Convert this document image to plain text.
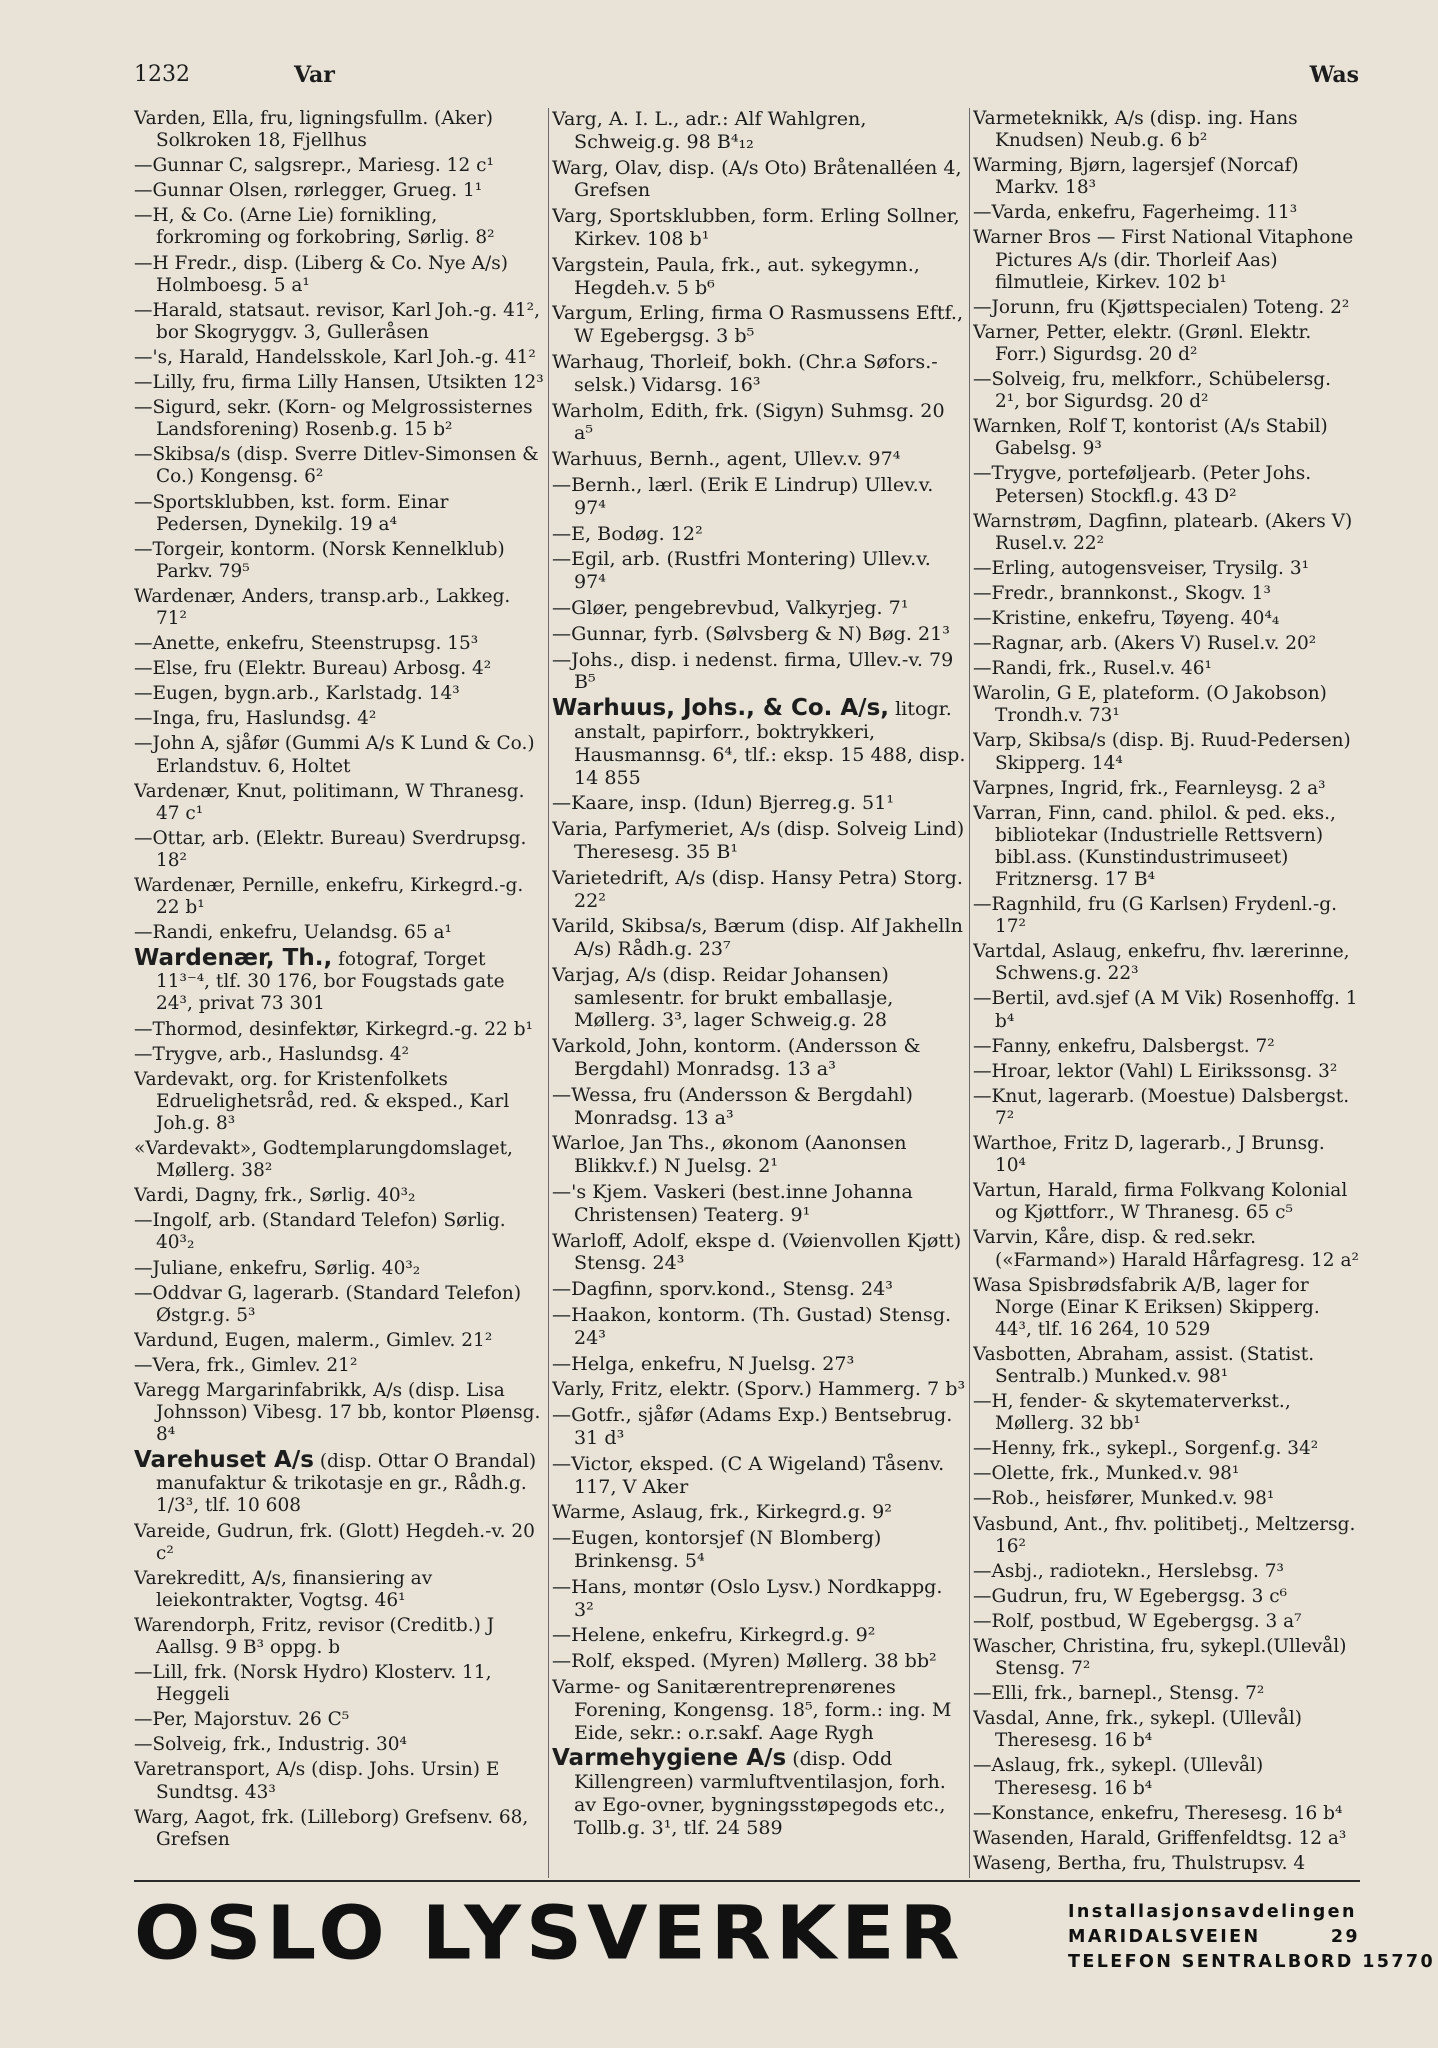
1232	Var	Was
Varden, Ella, fru, ligningsfullm. (Aker) Solkroken 18, Fjellhus
—Gunnar C, salgsrepr., Mariesg. 12 c¹
—Gunnar Olsen, rørlegger, Grueg. 1¹
—H, & Co. (Arne Lie) fornikling, forkroming og forkobring, Sørlig. 8²
—H Fredr., disp. (Liberg & Co. Nye A/s) Holmboesg. 5 a¹
—Harald, statsaut. revisor, Karl Joh.-g. 41², bor Skogryggv. 3, Gulleråsen
—'s, Harald, Handelsskole, Karl Joh.-g. 41²
—Lilly, fru, firma Lilly Hansen, Utsikten 12³
—Sigurd, sekr. (Korn- og Melgrossisternes Landsforening) Rosenb.g. 15 b²
—Skibsa/s (disp. Sverre Ditlev-Simonsen & Co.) Kongensg. 6²
—Sportsklubben, kst. form. Einar Pedersen, Dynekilg. 19 a⁴
—Torgeir, kontorm. (Norsk Kennelklub) Parkv. 79⁵
Wardenær, Anders, transp.arb., Lakkeg. 71²
—Anette, enkefru, Steenstrupsg. 15³
—Else, fru (Elektr. Bureau) Arbosg. 4²
—Eugen, bygn.arb., Karlstadg. 14³
—Inga, fru, Haslundsg. 4²
—John A, sjåfør (Gummi A/s K Lund & Co.) Erlandstuv. 6, Holtet
Vardenær, Knut, politimann, W Thranesg. 47 c¹
—Ottar, arb. (Elektr. Bureau) Sverdrupsg. 18²
Wardenær, Pernille, enkefru, Kirkegrd.-g. 22 b¹
—Randi, enkefru, Uelandsg. 65 a¹
Wardenær, Th., fotograf, Torget 11³⁻⁴, tlf. 30 176, bor Fougstads gate 24³, privat 73 301
—Thormod, desinfektør, Kirkegrd.-g. 22 b¹
—Trygve, arb., Haslundsg. 4²
Vardevakt, org. for Kristenfolkets Edruelighetsråd, red. & eksped., Karl Joh.g. 8³
«Vardevakt», Godtemplarungdomslaget, Møllerg. 38²
Vardi, Dagny, frk., Sørlig. 40³₂
—Ingolf, arb. (Standard Telefon) Sørlig. 40³₂
—Juliane, enkefru, Sørlig. 40³₂
—Oddvar G, lagerarb. (Standard Telefon) Østgr.g. 5³
Vardund, Eugen, malerm., Gimlev. 21²
—Vera, frk., Gimlev. 21²
Varegg Margarinfabrikk, A/s (disp. Lisa Johnsson) Vibesg. 17 bb, kontor Pløensg. 8⁴
Varehuset A/s (disp. Ottar O Brandal) manufaktur & trikotasje en gr., Rådh.g. 1/3³, tlf. 10 608
Vareide, Gudrun, frk. (Glott) Hegdeh.-v. 20 c²
Varekreditt, A/s, finansiering av leiekontrakter, Vogtsg. 46¹
Warendorph, Fritz, revisor (Creditb.) J Aallsg. 9 B³ oppg. b
—Lill, frk. (Norsk Hydro) Klosterv. 11, Heggeli
—Per, Majorstuv. 26 C⁵
—Solveig, frk., Industrig. 30⁴
Varetransport, A/s (disp. Johs. Ursin) E Sundtsg. 43³
Warg, Aagot, frk. (Lilleborg) Grefsenv. 68, Grefsen
Varg, A. I. L., adr.: Alf Wahlgren, Schweig.g. 98 B⁴₁₂
Warg, Olav, disp. (A/s Oto) Bråtenalléen 4, Grefsen
Varg, Sportsklubben, form. Erling Sollner, Kirkev. 108 b¹
Vargstein, Paula, frk., aut. sykegymn., Hegdeh.v. 5 b⁶
Vargum, Erling, firma O Rasmussens Eftf., W Egebergsg. 3 b⁵
Warhaug, Thorleif, bokh. (Chr.a Søfors.-selsk.) Vidarsg. 16³
Warholm, Edith, frk. (Sigyn) Suhmsg. 20 a⁵
Warhuus, Bernh., agent, Ullev.v. 97⁴
—Bernh., lærl. (Erik E Lindrup) Ullev.v. 97⁴
—E, Bodøg. 12²
—Egil, arb. (Rustfri Montering) Ullev.v. 97⁴
—Gløer, pengebrevbud, Valkyrjeg. 7¹
—Gunnar, fyrb. (Sølvsberg & N) Bøg. 21³
—Johs., disp. i nedenst. firma, Ullev.-v. 79 B⁵
Warhuus, Johs., & Co. A/s, litogr. anstalt, papirforr., boktrykkeri, Hausmannsg. 6⁴, tlf.: eksp. 15 488, disp. 14 855
—Kaare, insp. (Idun) Bjerreg.g. 51¹
Varia, Parfymeriet, A/s (disp. Solveig Lind) Theresesg. 35 B¹
Varietedrift, A/s (disp. Hansy Petra) Storg. 22²
Varild, Skibsa/s, Bærum (disp. Alf Jakhelln A/s) Rådh.g. 23⁷
Varjag, A/s (disp. Reidar Johansen) samlesentr. for brukt emballasje, Møllerg. 3³, lager Schweig.g. 28
Varkold, John, kontorm. (Andersson & Bergdahl) Monradsg. 13 a³
—Wessa, fru (Andersson & Bergdahl) Monradsg. 13 a³
Warloe, Jan Ths., økonom (Aanonsen Blikkv.f.) N Juelsg. 2¹
—'s Kjem. Vaskeri (best.inne Johanna Christensen) Teaterg. 9¹
Warloff, Adolf, ekspe d. (Vøienvollen Kjøtt) Stensg. 24³
—Dagfinn, sporv.kond., Stensg. 24³
—Haakon, kontorm. (Th. Gustad) Stensg. 24³
—Helga, enkefru, N Juelsg. 27³
Varly, Fritz, elektr. (Sporv.) Hammerg. 7 b³
—Gotfr., sjåfør (Adams Exp.) Bentsebrug. 31 d³
—Victor, eksped. (C A Wigeland) Tåsenv. 117, V Aker
Warme, Aslaug, frk., Kirkegrd.g. 9²
—Eugen, kontorsjef (N Blomberg) Brinkensg. 5⁴
—Hans, montør (Oslo Lysv.) Nordkappg. 3²
—Helene, enkefru, Kirkegrd.g. 9²
—Rolf, eksped. (Myren) Møllerg. 38 bb²
Varme- og Sanitærentreprenørenes Forening, Kongensg. 18⁵, form.: ing. M Eide, sekr.: o.r.sakf. Aage Rygh
Varmehygiene A/s (disp. Odd Killengreen) varmluftventilasjon, forh. av Ego-ovner, bygningsstøpegods etc., Tollb.g. 3¹, tlf. 24 589
Varmeteknikk, A/s (disp. ing. Hans Knudsen) Neub.g. 6 b²
Warming, Bjørn, lagersjef (Norcaf) Markv. 18³
—Varda, enkefru, Fagerheimg. 11³
Warner Bros — First National Vitaphone Pictures A/s (dir. Thorleif Aas) filmutleie, Kirkev. 102 b¹
—Jorunn, fru (Kjøttspecialen) Toteng. 2²
Varner, Petter, elektr. (Grønl. Elektr. Forr.) Sigurdsg. 20 d²
—Solveig, fru, melkforr., Schübelersg. 2¹, bor Sigurdsg. 20 d²
Warnken, Rolf T, kontorist (A/s Stabil) Gabelsg. 9³
—Trygve, porteføljearb. (Peter Johs. Petersen) Stockfl.g. 43 D²
Warnstrøm, Dagfinn, platearb. (Akers V) Rusel.v. 22²
—Erling, autogensveiser, Trysilg. 3¹
—Fredr., brannkonst., Skogv. 1³
—Kristine, enkefru, Tøyeng. 40⁴₄
—Ragnar, arb. (Akers V) Rusel.v. 20²
—Randi, frk., Rusel.v. 46¹
Warolin, G E, plateform. (O Jakobson) Trondh.v. 73¹
Varp, Skibsa/s (disp. Bj. Ruud-Pedersen) Skipperg. 14⁴
Varpnes, Ingrid, frk., Fearnleysg. 2 a³
Varran, Finn, cand. philol. & ped. eks., bibliotekar (Industrielle Rettsvern) bibl.ass. (Kunstindustrimuseet) Fritznersg. 17 B⁴
—Ragnhild, fru (G Karlsen) Frydenl.-g. 17²
Vartdal, Aslaug, enkefru, fhv. lærerinne, Schwens.g. 22³
—Bertil, avd.sjef (A M Vik) Rosenhoffg. 1 b⁴
—Fanny, enkefru, Dalsbergst. 7²
—Hroar, lektor (Vahl) L Eirikssonsg. 3²
—Knut, lagerarb. (Moestue) Dalsbergst. 7²
Warthoe, Fritz D, lagerarb., J Brunsg. 10⁴
Vartun, Harald, firma Folkvang Kolonial og Kjøttforr., W Thranesg. 65 c⁵
Varvin, Kåre, disp. & red.sekr. («Farmand») Harald Hårfagresg. 12 a²
Wasa Spisbrødsfabrik A/B, lager for Norge (Einar K Eriksen) Skipperg. 44³, tlf. 16 264, 10 529
Vasbotten, Abraham, assist. (Statist. Sentralb.) Munked.v. 98¹
—H, fender- & skytematerverkst., Møllerg. 32 bb¹
—Henny, frk., sykepl., Sorgenf.g. 34²
—Olette, frk., Munked.v. 98¹
—Rob., heisfører, Munked.v. 98¹
Vasbund, Ant., fhv. politibetj., Meltzersg. 16²
—Asbj., radiotekn., Herslebsg. 7³
—Gudrun, fru, W Egebergsg. 3 c⁶
—Rolf, postbud, W Egebergsg. 3 a⁷
Wascher, Christina, fru, sykepl.(Ullevål) Stensg. 7²
—Elli, frk., barnepl., Stensg. 7²
Vasdal, Anne, frk., sykepl. (Ullevål) Theresesg. 16 b⁴
—Aslaug, frk., sykepl. (Ullevål) Theresesg. 16 b⁴
—Konstance, enkefru, Theresesg. 16 b⁴
Wasenden, Harald, Griffenfeldtsg. 12 a³
Waseng, Bertha, fru, Thulstrupsv. 4
OSLO LYSVERKER	Installasjonsavdelingen
MARIDALSVEIEN 29
TELEFON SENTRALBORD 15770
